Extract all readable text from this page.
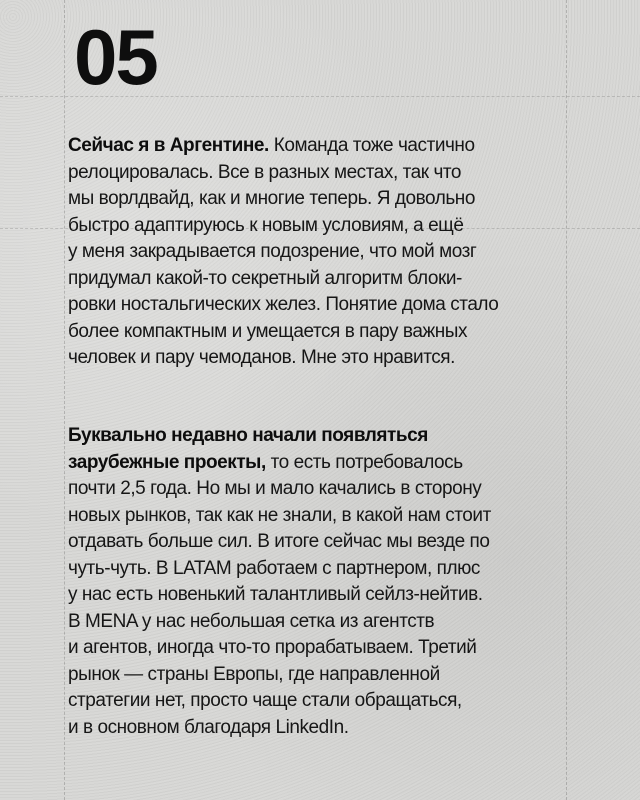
05

Сейчас я в Аргентине. Команда тоже частично
релоцировалась. Все в разных местах, так что
мы ворлдвайд, как и многие теперь. Я довольно
быстро адаптируюсь к новым условиям, а ещё
у меня закрадывается подозрение, что мой мозг
придумал какой-то секретный алгоритм блоки-
ровки ностальгических желез. Понятие дома стало
более компактным и умещается в пару важных
человек и пару чемоданов. Мне это нравится.

Буквально недавно начали появляться
зарубежные проекты, то есть потребовалось
почти 2,5 года. Но мы и мало качались в сторону
новых рынков, так как не знали, в какой нам стоит
отдавать больше сил. В итоге сейчас мы везде по
чуть-чуть. В LATAM работаем с партнером, плюс
у нас есть новенький талантливый сейлз-нейтив.
В MENA у нас небольшая сетка из агентств
и агентов, иногда что-то прорабатываем. Третий
рынок — страны Европы, где направленной
стратегии нет, просто чаще стали обращаться,
и в основном благодаря LinkedIn.
